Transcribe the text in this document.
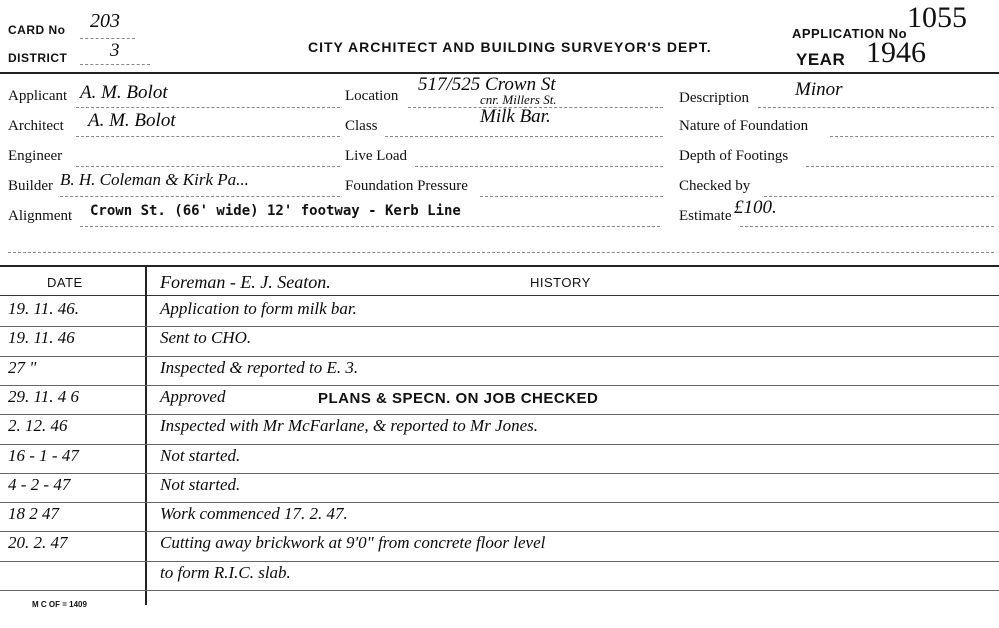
CARD No 203
DISTRICT 3	CITY ARCHITECT AND BUILDING SURVEYOR'S DEPT.
APPLICATION No 1055
YEAR 1946
Applicant A. M. Bolot
Architect A. M. Bolot
Engineer
Builder B. H. Coleman & Kirk Pa...
Alignment Crown St. (66' wide) 12' footway - Kerb Line
Location
517/525 Crown St
cnr. Millers St.
Class	Milk Bar.
Live Load
Foundation Pressure
Description Minor
Nature of Foundation
Depth of Footings
Checked by
Estimate £100.
DATE	Foreman - E. J. Seaton.	HISTORY
19. 11. 46.	Application to form milk bar.
19. 11. 46	Sent to CHO.
27 "	Inspected & reported to E. 3.
29. 11. 4 6	Approved	PLANS & SPECN. ON JOB CHECKED
2. 12. 46	Inspected with Mr McFarlane, & reported to Mr Jones.
16 - 1 - 47	Not started.
4 - 2 - 47	Not started.
18 2 47	Work commenced 17. 2. 47.
20. 2. 47	Cutting away brickwork at 9'0" from concrete floor level
to form R.I.C. slab.
M C OF = 1409
